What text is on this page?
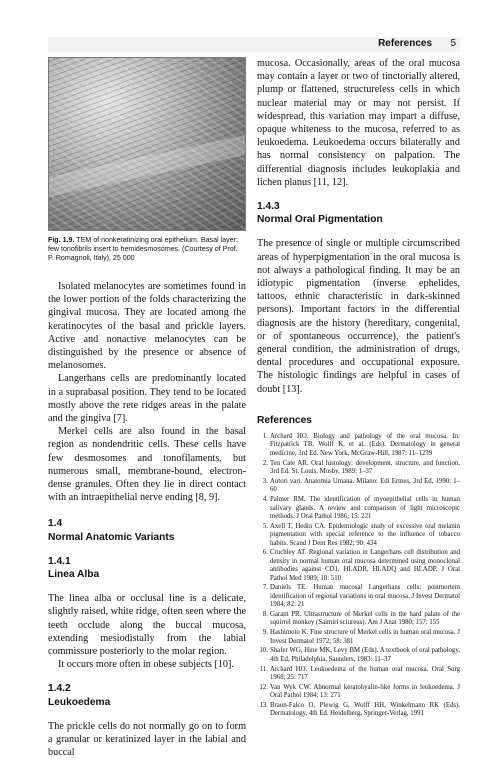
References 5
Fig. 1.9. TEM of nonkeratinizing oral epithelium. Basal layer: few tonofibrils insert to hemidesmosomes. (Courtesy of Prof. P. Romagnoli, Italy), 25 000

Isolated melanocytes are sometimes found in the lower portion of the folds characterizing the gingival mucosa. They are located among the keratinocytes of the basal and prickle layers. Active and nonactive melanocytes can be distinguished by the presence or absence of melanosomes.

Langerhans cells are predominantly located in a suprabasal position. They tend to be located mostly above the rete ridges areas in the palate and the gingiva [7].

Merkel cells are also found in the basal region as nondendritic cells. These cells have few desmosomes and tonofilaments, but numerous small, membrane-bound, electron-dense granules. Often they lie in direct contact with an intraepithelial nerve ending [8, 9].

1.4

Normal Anatomic Variants

1.4.1

Linea Alba

The linea alba or occlusal line is a delicate, slightly raised, white ridge, often seen where the teeth occlude along the buccal mucosa, extending mesiodistally from the labial commissure posteriorly to the molar region.

It occurs more often in obese subjects [10].

1.4.2

Leukoedema

The prickle cells do not normally go on to form a granular or keratinized layer in the labial and buccal

mucosa. Occasionally, areas of the oral mucosa may contain a layer or two of tinctorially altered, plump or flattened, structureless cells in which nuclear material may or may not persist. If widespread, this variation may impart a diffuse, opaque whiteness to the mucosa, referred to as leukoedema. Leukoedema occurs bilaterally and has normal consistency on palpation. The differential diagnosis includes leukoplakia and lichen planus [11, 12].

1.4.3

Normal Oral Pigmentation

The presence of single or multiple circumscribed areas of hyperpigmentation in the oral mucosa is not always a pathological finding. It may be an idiotypic pigmentation (inverse ephelides, tattoos, ethnic characteristic in dark-skinned persons). Important factors in the differential diagnosis are the history (hereditary, congenital, or of spontaneous occurrence), the patient's general condition, the administration of drugs, dental procedures and occupational exposure. The histologic findings are helpful in cases of doubt [13].

References

1. Archard HO. Biology and pathology of the oral mucosa. In: Fitzpatrick TB, Wolff K, et al. (Eds). Dermatology in general medicine, 3rd Ed. New York, McGraw-Hill, 1987: 11–1239
2. Ten Cate AR. Oral histology: development, structure, and function, 3rd Ed. St. Louis, Mosby, 1989: 1–37
3. Autori vari. Anatomia Umana. Milano: Edi Ermes, 3rd Ed, 1990: 1–60
4. Palmer RM. The identification of myoepithelial cells in human salivary glands. A review and comparison of light microscopic methods. J Oral Pathol 1986; 15: 221
5. Axell T, Hedin CA. Epidemiologic study of excessive oral melanin pigmentation with special reference to the influence of tobacco habits. Scand J Dent Res 1982; 90: 434
6. Cruchley AT. Regional variation in Langerhans cell distribution and density in normal human oral mucosa determined using monoclonal antibodies against CD1, HLADR, HLADQ and HLADP. J Oral Pathol Med 1989; 18: 510
7. Daniels TE. Human mucosal Langerhans cells: postmortem identification of regional variations in oral mucosa. J Invest Dermatol 1984; 82: 21
8. Garant PR. Ultrastructure of Merkel cells in the hard palate of the squirrel monkey (Saimiri sciureus). Am J Anat 1980; 157: 155
9. Hashimoto K. Fine structure of Merkel cells in human oral mucosa. J Invest Dermatol 1972; 58: 381
10. Shafer WG, Hine MK, Levy BM (Eds). A textbook of oral pathology, 4th Ed, Philadelphia, Saunders, 1983: 11–37
11. Archard HO. Leukoedema of the human oral mucosa. Oral Surg 1968; 25: 717
12. Van Wyk CW. Abnormal keratohyalin-like forms in leukoedema. J Oral Pathol 1984; 13: 271
13. Braun-Falco O, Plewig G, Wolff HH, Winkelmann RK (Eds). Dermatology, 4th Ed. Heidelberg, Springer-Verlag, 1991
